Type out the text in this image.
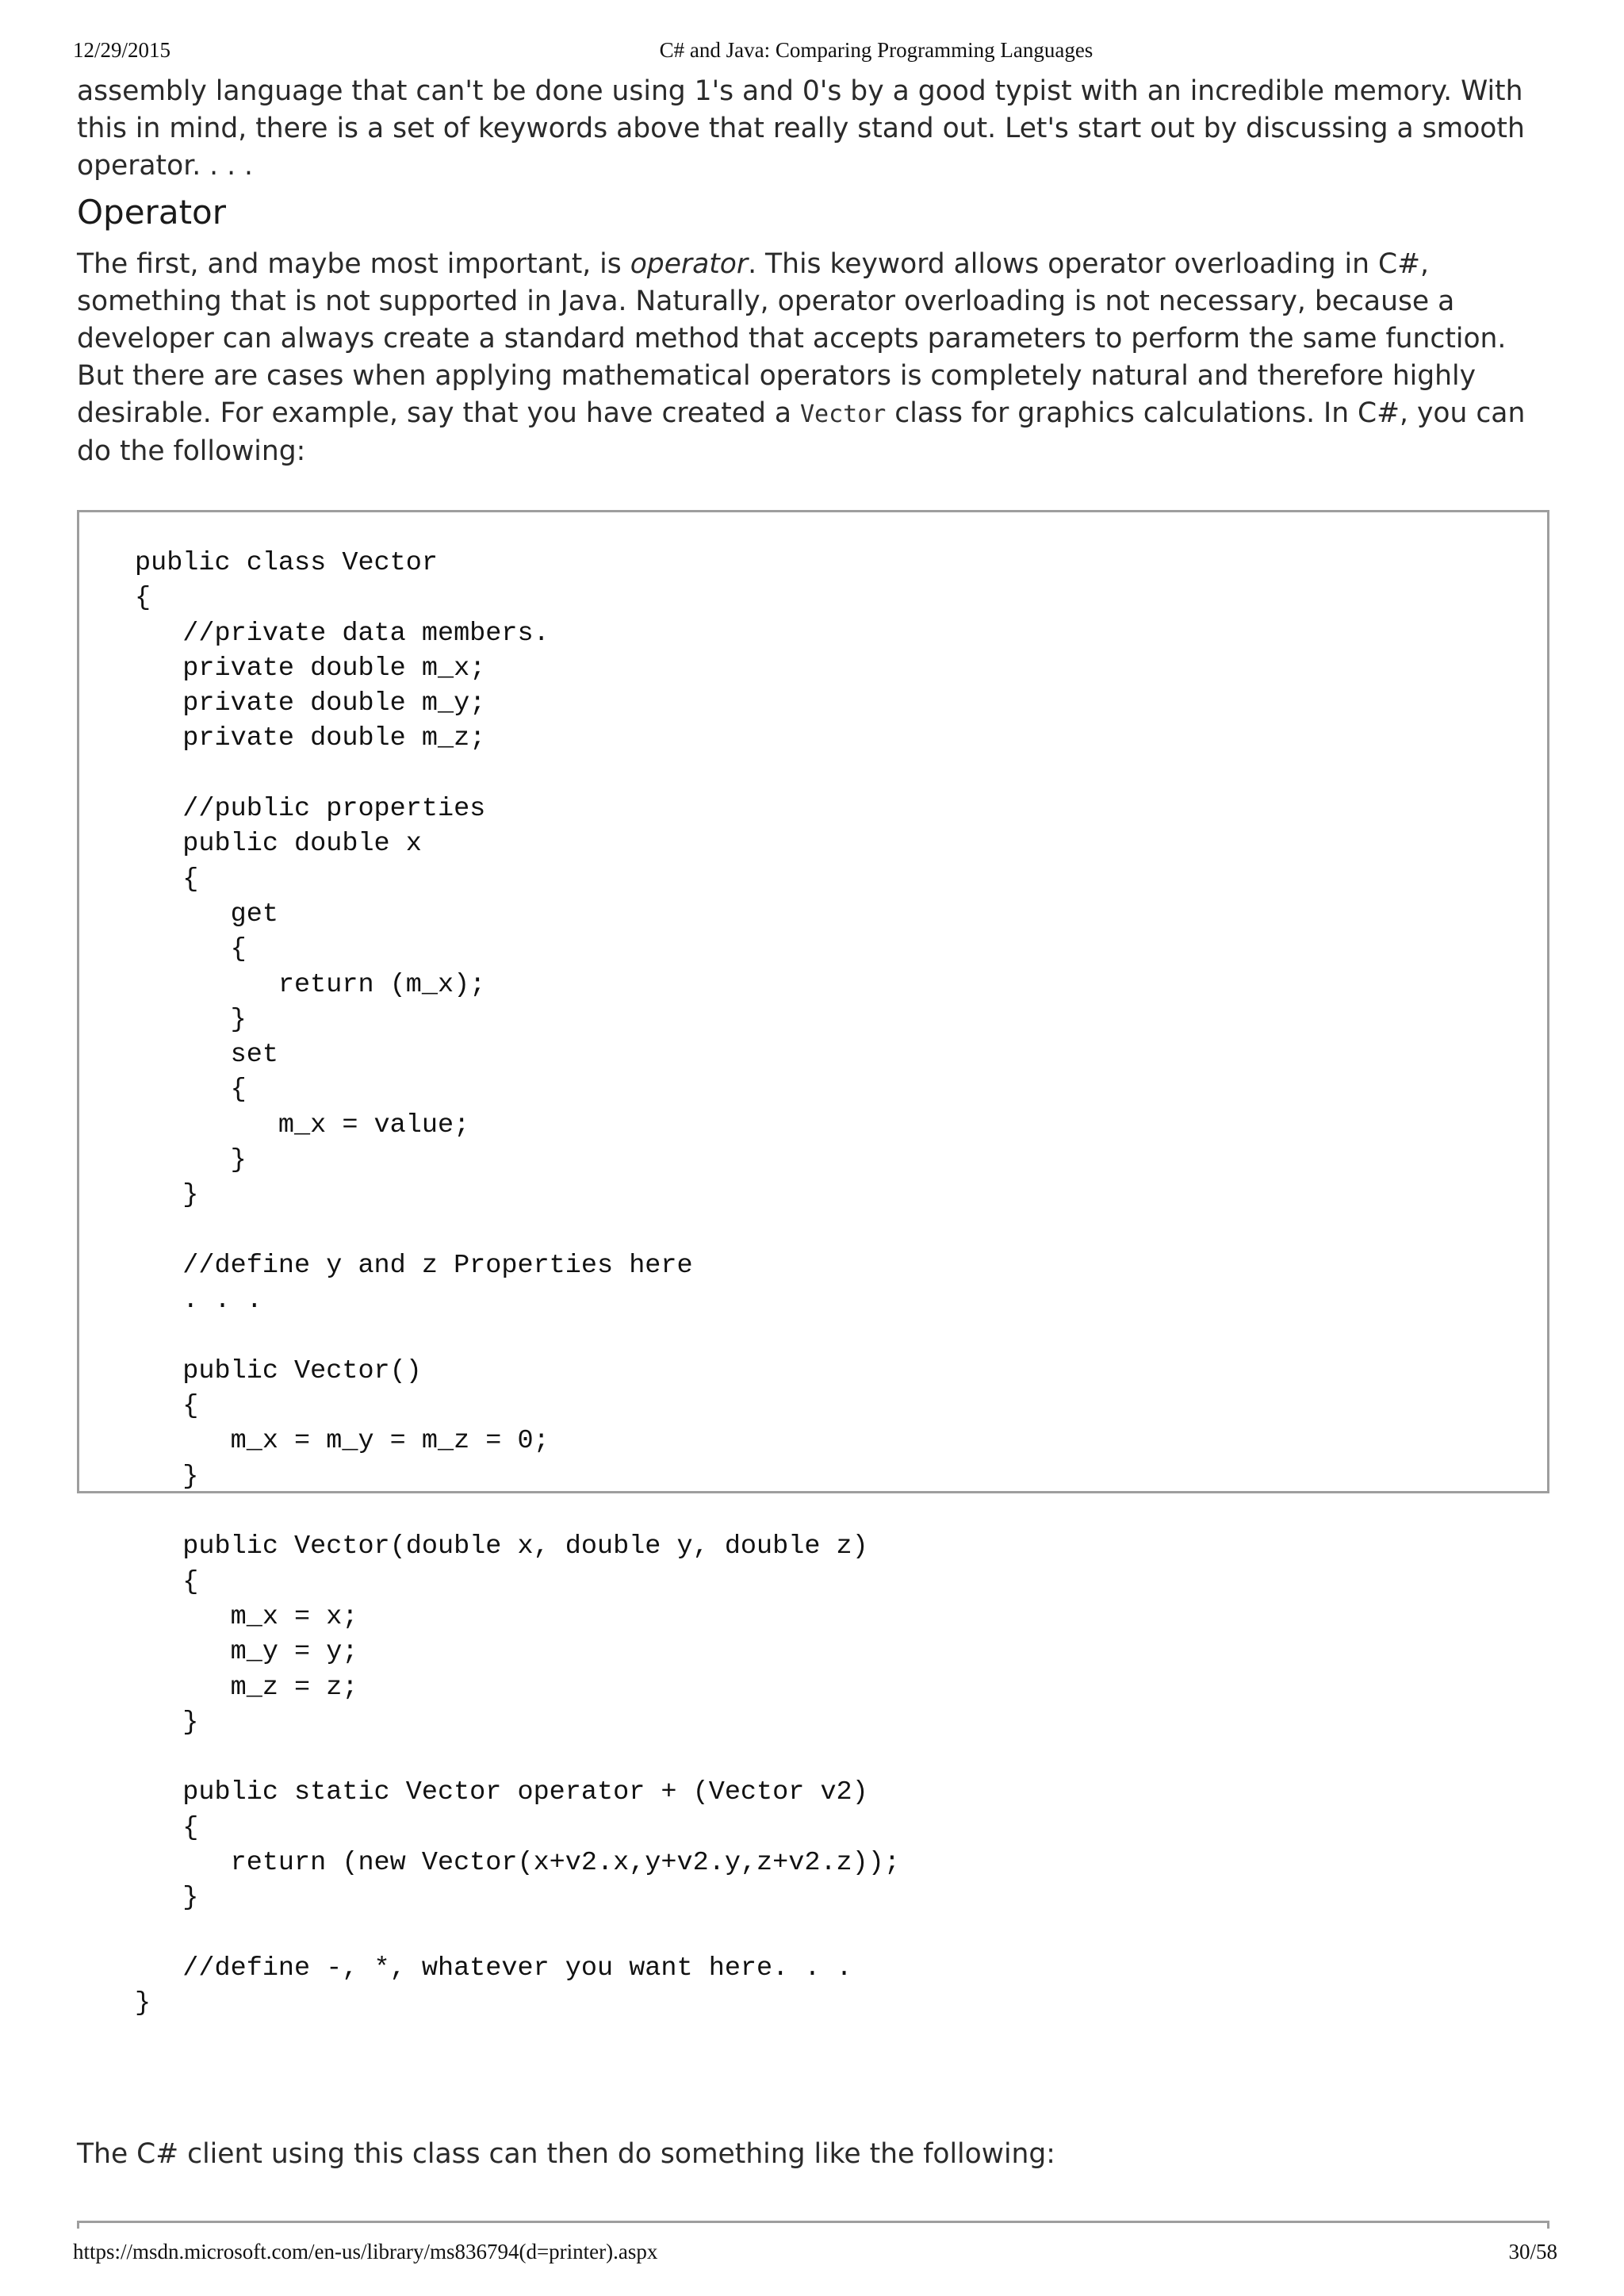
12/29/2015	C# and Java: Comparing Programming Languages

assembly language that can't be done using 1's and 0's by a good typist with an incredible memory. With this in mind, there is a set of keywords above that really stand out. Let's start out by discussing a smooth operator. . . .

Operator

The first, and maybe most important, is operator. This keyword allows operator overloading in C#, something that is not supported in Java. Naturally, operator overloading is not necessary, because a developer can always create a standard method that accepts parameters to perform the same function. But there are cases when applying mathematical operators is completely natural and therefore highly desirable. For example, say that you have created a Vector class for graphics calculations. In C#, you can do the following:

public class Vector
{
//private data members.
private double m_x;
private double m_y;
private double m_z;

//public properties
public double x
{
get
{
return (m_x);
}
set
{
m_x = value;
}
}

//define y and z Properties here
. . .

public Vector()
{
m_x = m_y = m_z = 0;
}

public Vector(double x, double y, double z)
{
m_x = x;
m_y = y;
m_z = z;
}

public static Vector operator + (Vector v2)
{
return (new Vector(x+v2.x,y+v2.y,z+v2.z));
}

//define -, *, whatever you want here. . .
}

The C# client using this class can then do something like the following:

https://msdn.microsoft.com/en-us/library/ms836794(d=printer).aspx	30/58
